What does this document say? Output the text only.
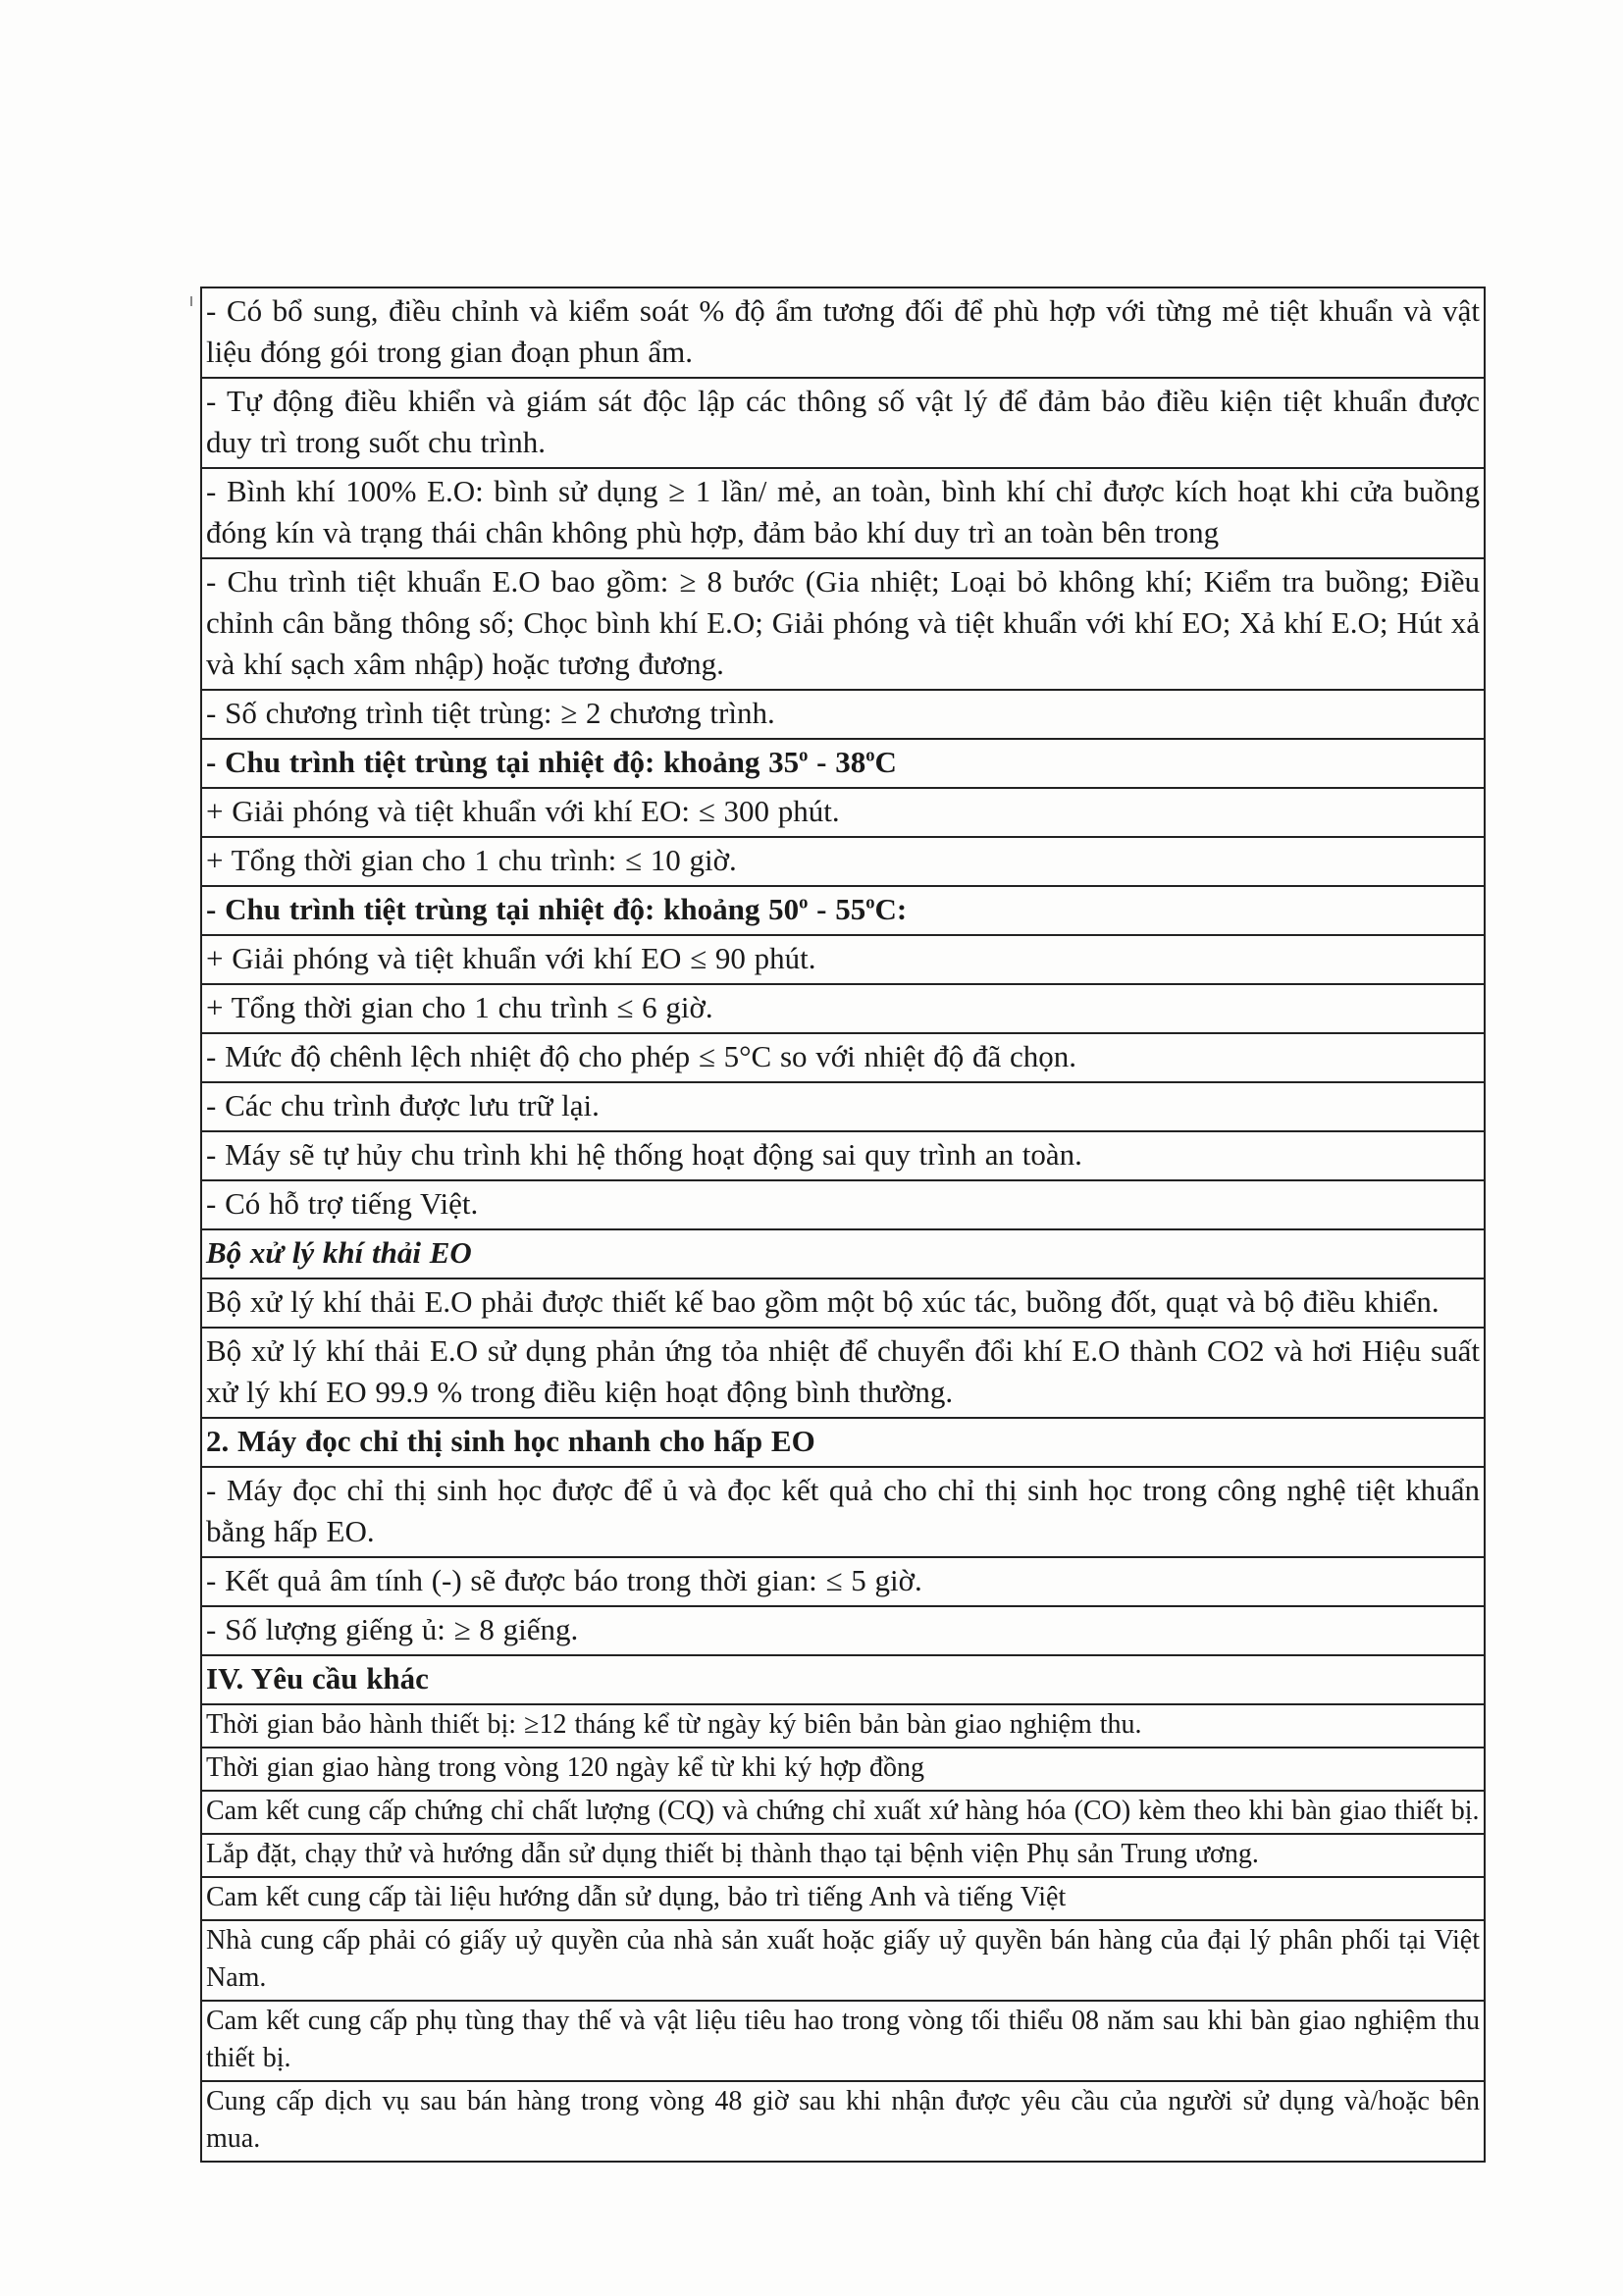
- Có bổ sung, điều chỉnh và kiểm soát % độ ẩm tương đối để phù hợp với từng mẻ tiệt khuẩn và vật liệu đóng gói trong gian đoạn phun ẩm.
- Tự động điều khiển và giám sát độc lập các thông số vật lý để đảm bảo điều kiện tiệt khuẩn được duy trì trong suốt chu trình.
- Bình khí 100% E.O: bình sử dụng ≥ 1 lần/ mẻ, an toàn, bình khí chỉ được kích hoạt khi cửa buồng đóng kín và trạng thái chân không phù hợp, đảm bảo khí duy trì an toàn bên trong
- Chu trình tiệt khuẩn E.O bao gồm: ≥ 8 bước (Gia nhiệt; Loại bỏ không khí; Kiểm tra buồng; Điều chỉnh cân bằng thông số; Chọc bình khí E.O; Giải phóng và tiệt khuẩn với khí EO; Xả khí E.O; Hút xả và khí sạch xâm nhập) hoặc tương đương.
- Số chương trình tiệt trùng: ≥ 2 chương trình.
- Chu trình tiệt trùng tại nhiệt độ: khoảng $35^o - 38^oC$
+ Giải phóng và tiệt khuẩn với khí EO: ≤ 300 phút.
+ Tổng thời gian cho 1 chu trình: ≤ 10 giờ.
- Chu trình tiệt trùng tại nhiệt độ: khoảng $50^o - 55^oC$:
+ Giải phóng và tiệt khuẩn với khí EO ≤ 90 phút.
+ Tổng thời gian cho 1 chu trình ≤ 6 giờ.
- Mức độ chênh lệch nhiệt độ cho phép ≤ 5°C so với nhiệt độ đã chọn.
- Các chu trình được lưu trữ lại.
- Máy sẽ tự hủy chu trình khi hệ thống hoạt động sai quy trình an toàn.
- Có hỗ trợ tiếng Việt.
Bộ xử lý khí thải EO
Bộ xử lý khí thải E.O phải được thiết kế bao gồm một bộ xúc tác, buồng đốt, quạt và bộ điều khiển.
Bộ xử lý khí thải E.O sử dụng phản ứng tỏa nhiệt để chuyển đổi khí E.O thành CO2 và hơi Hiệu suất xử lý khí EO 99.9 % trong điều kiện hoạt động bình thường.
2. Máy đọc chỉ thị sinh học nhanh cho hấp EO
- Máy đọc chỉ thị sinh học được để ủ và đọc kết quả cho chỉ thị sinh học trong công nghệ tiệt khuẩn bằng hấp EO.
- Kết quả âm tính (-) sẽ được báo trong thời gian: ≤ 5 giờ.
- Số lượng giếng ủ: ≥ 8 giếng.
IV. Yêu cầu khác
Thời gian bảo hành thiết bị: ≥12 tháng kể từ ngày ký biên bản bàn giao nghiệm thu.
Thời gian giao hàng trong vòng 120 ngày kể từ khi ký hợp đồng
Cam kết cung cấp chứng chỉ chất lượng (CQ) và chứng chỉ xuất xứ hàng hóa (CO) kèm theo khi bàn giao thiết bị.
Lắp đặt, chạy thử và hướng dẫn sử dụng thiết bị thành thạo tại bệnh viện Phụ sản Trung ương.
Cam kết cung cấp tài liệu hướng dẫn sử dụng, bảo trì tiếng Anh và tiếng Việt
Nhà cung cấp phải có giấy uỷ quyền của nhà sản xuất hoặc giấy uỷ quyền bán hàng của đại lý phân phối tại Việt Nam.
Cam kết cung cấp phụ tùng thay thế và vật liệu tiêu hao trong vòng tối thiểu 08 năm sau khi bàn giao nghiệm thu thiết bị.
Cung cấp dịch vụ sau bán hàng trong vòng 48 giờ sau khi nhận được yêu cầu của người sử dụng và/hoặc bên mua.
